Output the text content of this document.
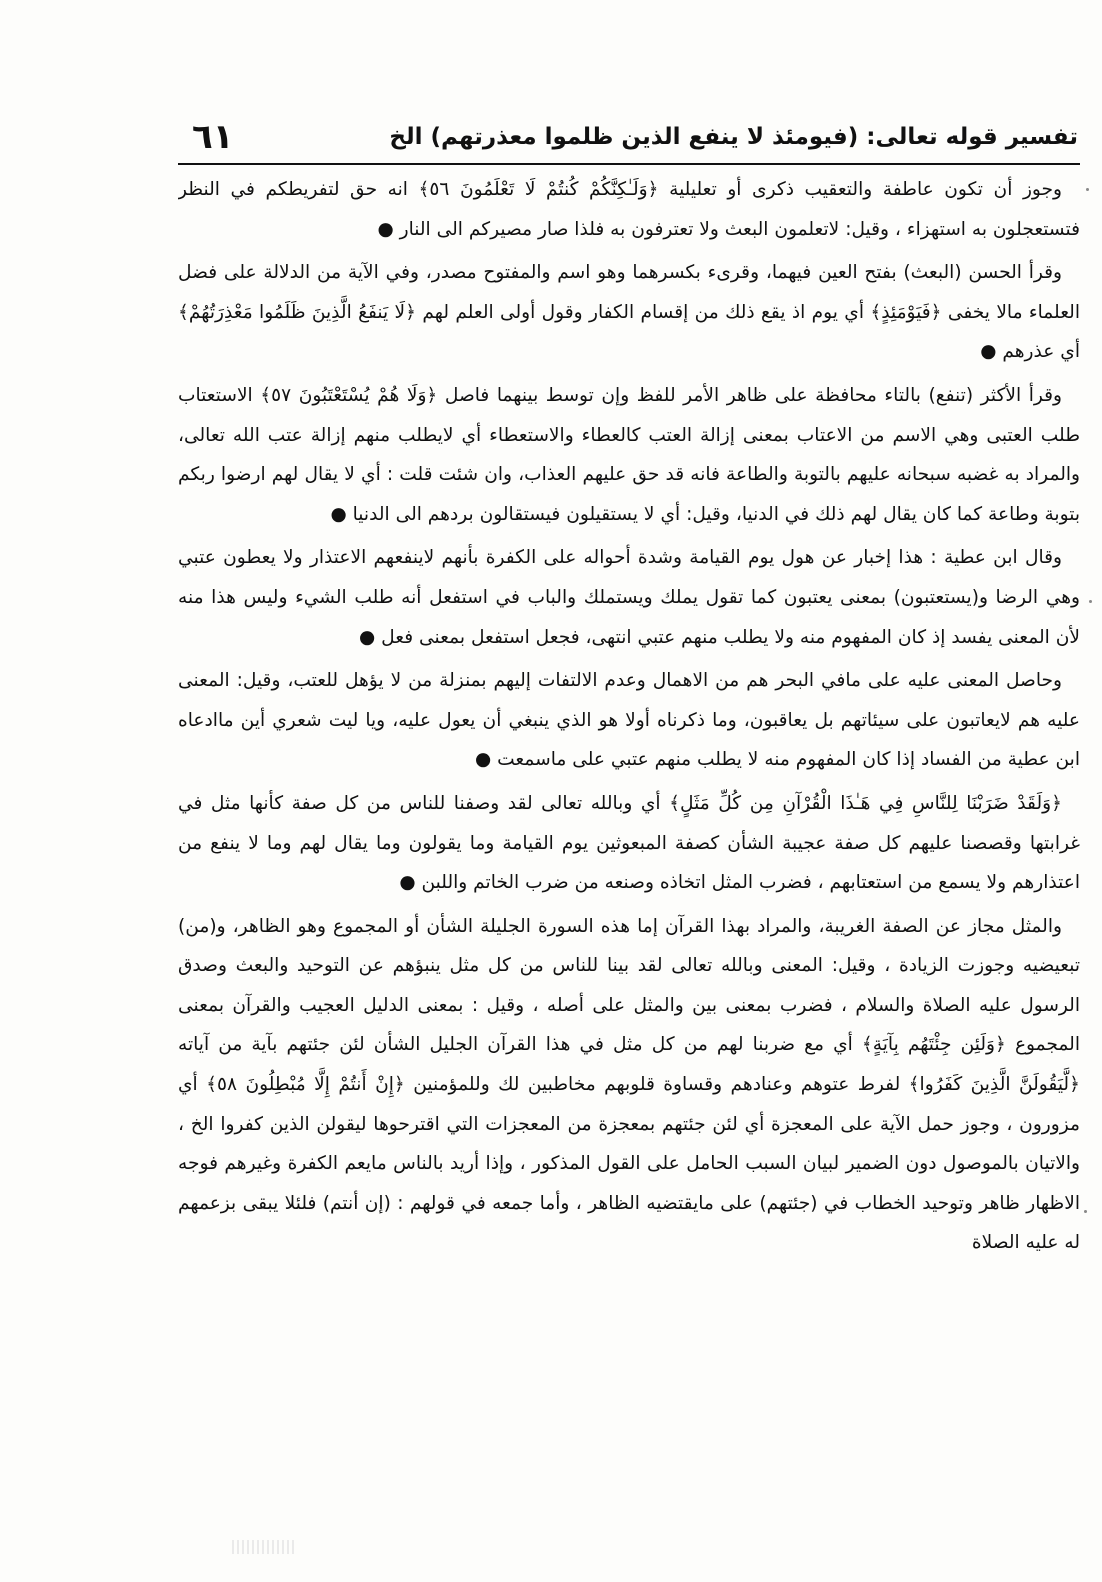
تفسير قوله تعالى: (فيومئذ لا ينفع الذين ظلموا معذرتهم) الخ
٦١

وجوز أن تكون عاطفة والتعقيب ذكرى أو تعليلية ﴿وَلَـٰكِنَّكُمْ كُنتُمْ لَا تَعْلَمُونَ ٥٦﴾ انه حق لتفريطكم في النظر فتستعجلون به استهزاء ، وقيل: لاتعلمون البعث ولا تعترفون به فلذا صار مصيركم الى النار ●

وقرأ الحسن (البعث) بفتح العين فيهما، وقرىء بكسرهما وهو اسم والمفتوح مصدر، وفي الآية من الدلالة على فضل العلماء مالا يخفى ﴿فَيَوْمَئِذٍ﴾ أي يوم اذ يقع ذلك من إقسام الكفار وقول أولى العلم لهم ﴿لَا يَنفَعُ الَّذِينَ ظَلَمُوا مَعْذِرَتُهُمْ﴾ أي عذرهم ●

وقرأ الأكثر (تنفع) بالتاء محافظة على ظاهر الأمر للفظ وإن توسط بينهما فاصل ﴿وَلَا هُمْ يُسْتَعْتَبُونَ ٥٧﴾ الاستعتاب طلب العتبى وهي الاسم من الاعتاب بمعنى إزالة العتب كالعطاء والاستعطاء أي لايطلب منهم إزالة عتب الله تعالى، والمراد به غضبه سبحانه عليهم بالتوبة والطاعة فانه قد حق عليهم العذاب، وان شئت قلت : أي لا يقال لهم ارضوا ربكم بتوبة وطاعة كما كان يقال لهم ذلك في الدنيا، وقيل: أي لا يستقيلون فيستقالون بردهم الى الدنيا ●

وقال ابن عطية : هذا إخبار عن هول يوم القيامة وشدة أحواله على الكفرة بأنهم لاينفعهم الاعتذار ولا يعطون عتبي وهي الرضا و(يستعتبون) بمعنى يعتبون كما تقول يملك ويستملك والباب في استفعل أنه طلب الشيء وليس هذا منه لأن المعنى يفسد إذ كان المفهوم منه ولا يطلب منهم عتبي انتهى، فجعل استفعل بمعنى فعل ●

وحاصل المعنى عليه على مافي البحر هم من الاهمال وعدم الالتفات إليهم بمنزلة من لا يؤهل للعتب، وقيل: المعنى عليه هم لايعاتبون على سيئاتهم بل يعاقبون، وما ذكرناه أولا هو الذي ينبغي أن يعول عليه، ويا ليت شعري أين ماادعاه ابن عطية من الفساد إذا كان المفهوم منه لا يطلب منهم عتبي على ماسمعت ●

﴿وَلَقَدْ ضَرَبْنَا لِلنَّاسِ فِي هَـٰذَا الْقُرْآنِ مِن كُلِّ مَثَلٍ﴾ أي وبالله تعالى لقد وصفنا للناس من كل صفة كأنها مثل في غرابتها وقصصنا عليهم كل صفة عجيبة الشأن كصفة المبعوثين يوم القيامة وما يقولون وما يقال لهم وما لا ينفع من اعتذارهم ولا يسمع من استعتابهم ، فضرب المثل اتخاذه وصنعه من ضرب الخاتم واللبن ●

والمثل مجاز عن الصفة الغريبة، والمراد بهذا القرآن إما هذه السورة الجليلة الشأن أو المجموع وهو الظاهر، و(من) تبعيضيه وجوزت الزيادة ، وقيل: المعنى وبالله تعالى لقد بينا للناس من كل مثل ينبؤهم عن التوحيد والبعث وصدق الرسول عليه الصلاة والسلام ، فضرب بمعنى بين والمثل على أصله ، وقيل : بمعنى الدليل العجيب والقرآن بمعنى المجموع ﴿وَلَئِن جِئْتَهُم بِآيَةٍ﴾ أي مع ضربنا لهم من كل مثل في هذا القرآن الجليل الشأن لئن جئتهم بآية من آياته ﴿لَّيَقُولَنَّ الَّذِينَ كَفَرُوا﴾ لفرط عتوهم وعنادهم وقساوة قلوبهم مخاطبين لك وللمؤمنين ﴿إِنْ أَنتُمْ إِلَّا مُبْطِلُونَ ٥٨﴾ أي مزورون ، وجوز حمل الآية على المعجزة أي لئن جئتهم بمعجزة من المعجزات التي اقترحوها ليقولن الذين كفروا الخ ، والاتيان بالموصول دون الضمير لبيان السبب الحامل على القول المذكور ، وإذا أريد بالناس مايعم الكفرة وغيرهم فوجه الاظهار ظاهر وتوحيد الخطاب في (جئتهم) على مايقتضيه الظاهر ، وأما جمعه في قولهم : (إن أنتم) فلئلا يبقى بزعمهم له عليه الصلاة
